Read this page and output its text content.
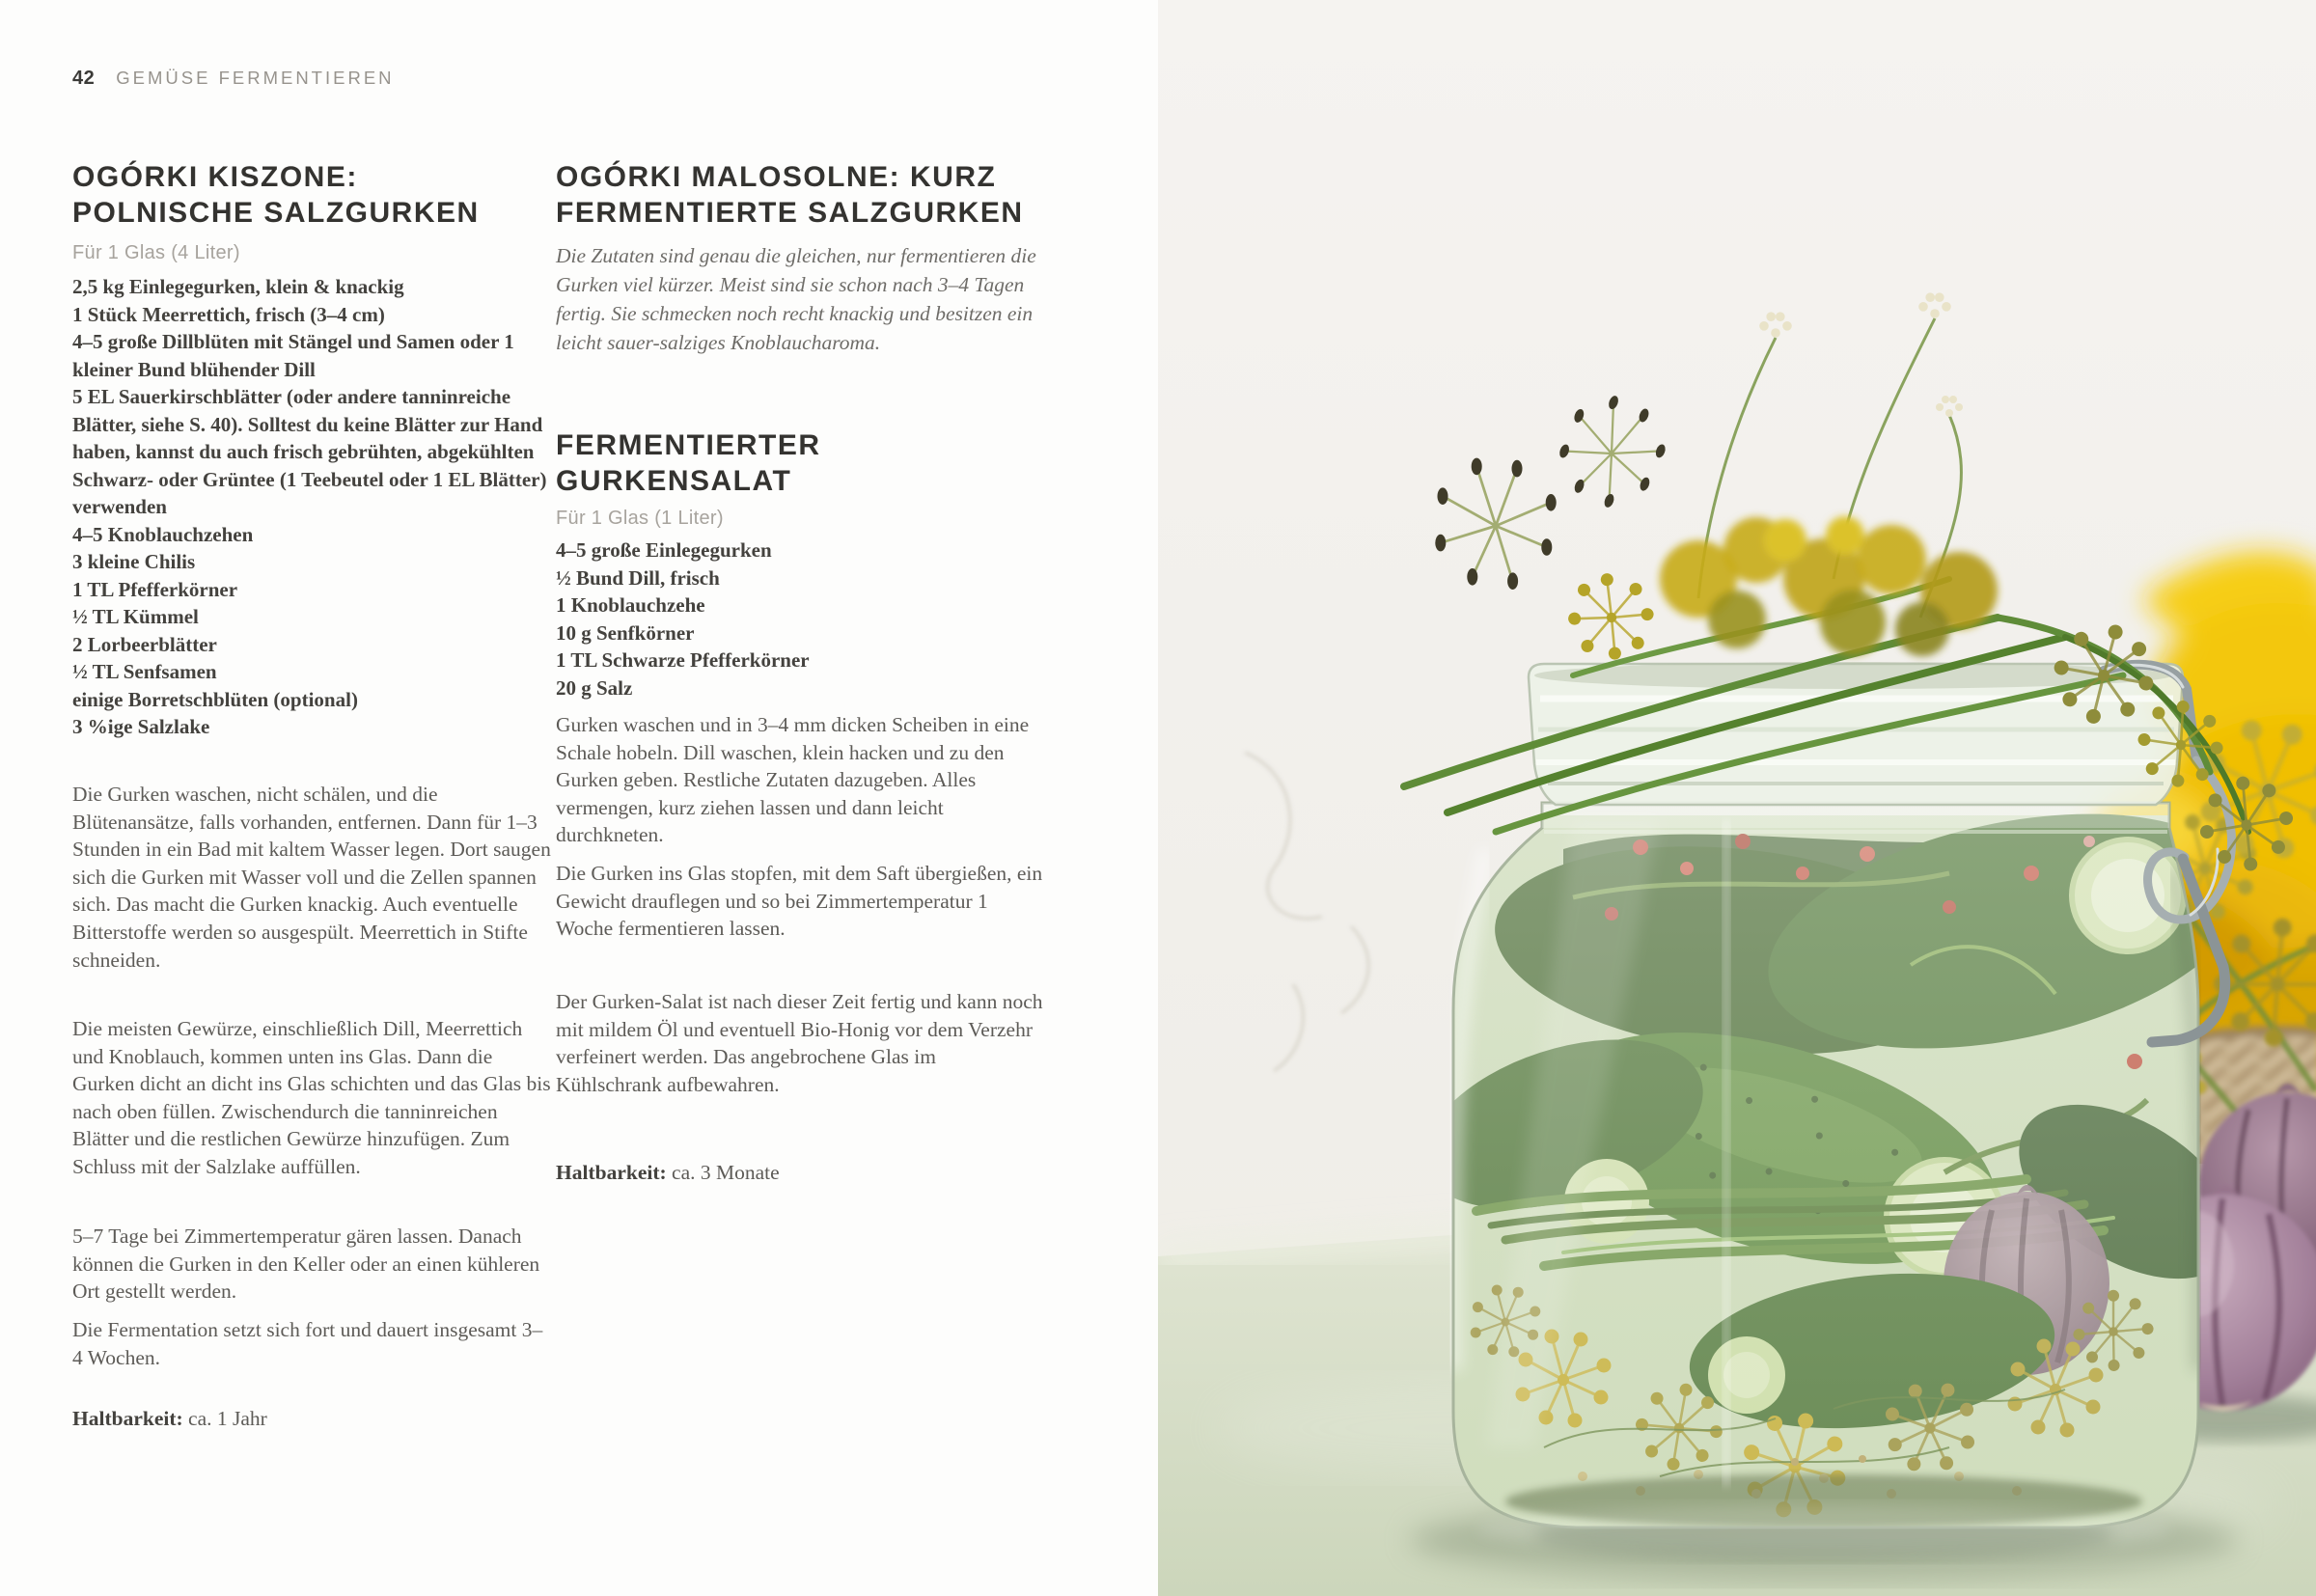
42 GEMÜSE FERMENTIEREN
OGÓRKI KISZONE:
POLNISCHE SALZGURKEN
Für 1 Glas (4 Liter)
2,5 kg Einlegegurken, klein & knackig
1 Stück Meerrettich, frisch (3–4 cm)
4–5 große Dillblüten mit Stängel und Samen oder 1 kleiner Bund blühender Dill
5 EL Sauerkirschblätter (oder andere tanninreiche Blätter, siehe S. 40). Solltest du keine Blätter zur Hand haben, kannst du auch frisch gebrühten, abgekühlten Schwarz- oder Grüntee (1 Teebeutel oder 1 EL Blätter) verwenden
4–5 Knoblauchzehen
3 kleine Chilis
1 TL Pfefferkörner
½ TL Kümmel
2 Lorbeerblätter
½ TL Senfsamen
einige Borretschblüten (optional)
3 %ige Salzlake

Die Gurken waschen, nicht schälen, und die Blütenansätze, falls vorhanden, entfernen. Dann für 1–3 Stunden in ein Bad mit kaltem Wasser legen. Dort saugen sich die Gurken mit Wasser voll und die Zellen spannen sich. Das macht die Gurken knackig. Auch eventuelle Bitterstoffe werden so ausgespült. Meerrettich in Stifte schneiden.

Die meisten Gewürze, einschließlich Dill, Meerrettich und Knoblauch, kommen unten ins Glas. Dann die Gurken dicht an dicht ins Glas schichten und das Glas bis nach oben füllen. Zwischendurch die tanninreichen Blätter und die restlichen Gewürze hinzufügen. Zum Schluss mit der Salzlake auffüllen.

5–7 Tage bei Zimmertemperatur gären lassen. Danach können die Gurken in den Keller oder an einen kühleren Ort gestellt werden.

Die Fermentation setzt sich fort und dauert insgesamt 3–4 Wochen.

Haltbarkeit: ca. 1 Jahr

OGÓRKI MALOSOLNE: KURZ
FERMENTIERTE SALZGURKEN

Die Zutaten sind genau die gleichen, nur fermentieren die Gurken viel kürzer. Meist sind sie schon nach 3–4 Tagen fertig. Sie schmecken noch recht knackig und besitzen ein leicht sauer-salziges Knoblaucharoma.

FERMENTIERTER
GURKENSALAT
Für 1 Glas (1 Liter)
4–5 große Einlegegurken
½ Bund Dill, frisch
1 Knoblauchzehe
10 g Senfkörner
1 TL Schwarze Pfefferkörner
20 g Salz

Gurken waschen und in 3–4 mm dicken Scheiben in eine Schale hobeln. Dill waschen, klein hacken und zu den Gurken geben. Restliche Zutaten dazugeben. Alles vermengen, kurz ziehen lassen und dann leicht durchkneten.

Die Gurken ins Glas stopfen, mit dem Saft übergießen, ein Gewicht drauflegen und so bei Zimmertemperatur 1 Woche fermentieren lassen.

Der Gurken-Salat ist nach dieser Zeit fertig und kann noch mit mildem Öl und eventuell Bio-Honig vor dem Verzehr verfeinert werden. Das angebrochene Glas im Kühlschrank aufbewahren.

Haltbarkeit: ca. 3 Monate
